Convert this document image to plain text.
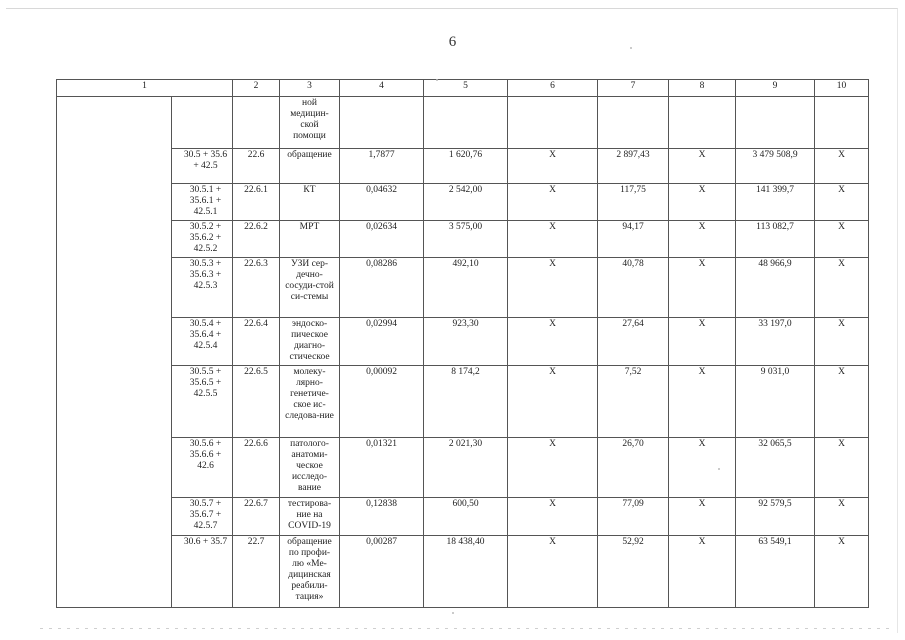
6
1		2	3	4	5	6	7	8	9	10
			ной медицин-ской помощи							
	30.5 + 35.6 + 42.5	22.6	обращение	1,7877	1 620,76	Х	2 897,43	Х	3 479 508,9	Х
	30.5.1 + 35.6.1 + 42.5.1	22.6.1	КТ	0,04632	2 542,00	Х	117,75	Х	141 399,7	Х
	30.5.2 + 35.6.2 + 42.5.2	22.6.2	МРТ	0,02634	3 575,00	Х	94,17	Х	113 082,7	Х
	30.5.3 + 35.6.3 + 42.5.3	22.6.3	УЗИ сер-дечно-сосуди-стой си-стемы	0,08286	492,10	Х	40,78	Х	48 966,9	Х
	30.5.4 + 35.6.4 + 42.5.4	22.6.4	эндоско-пическое диагно-стическое	0,02994	923,30	Х	27,64	Х	33 197,0	Х
	30.5.5 + 35.6.5 + 42.5.5	22.6.5	молеку-лярно-генетиче-ское ис-следова-ние	0,00092	8 174,2	Х	7,52	Х	9 031,0	Х
	30.5.6 + 35.6.6 + 42.6	22.6.6	патолого-анатоми-ческое исследо-вание	0,01321	2 021,30	Х	26,70	Х	32 065,5	Х
	30.5.7 + 35.6.7 + 42.5.7	22.6.7	тестирова-ние на COVID-19	0,12838	600,50	Х	77,09	Х	92 579,5	Х
	30.6 + 35.7	22.7	обращение по профи-лю «Ме-дицинская реабили-тация»	0,00287	18 438,40	Х	52,92	Х	63 549,1	Х
